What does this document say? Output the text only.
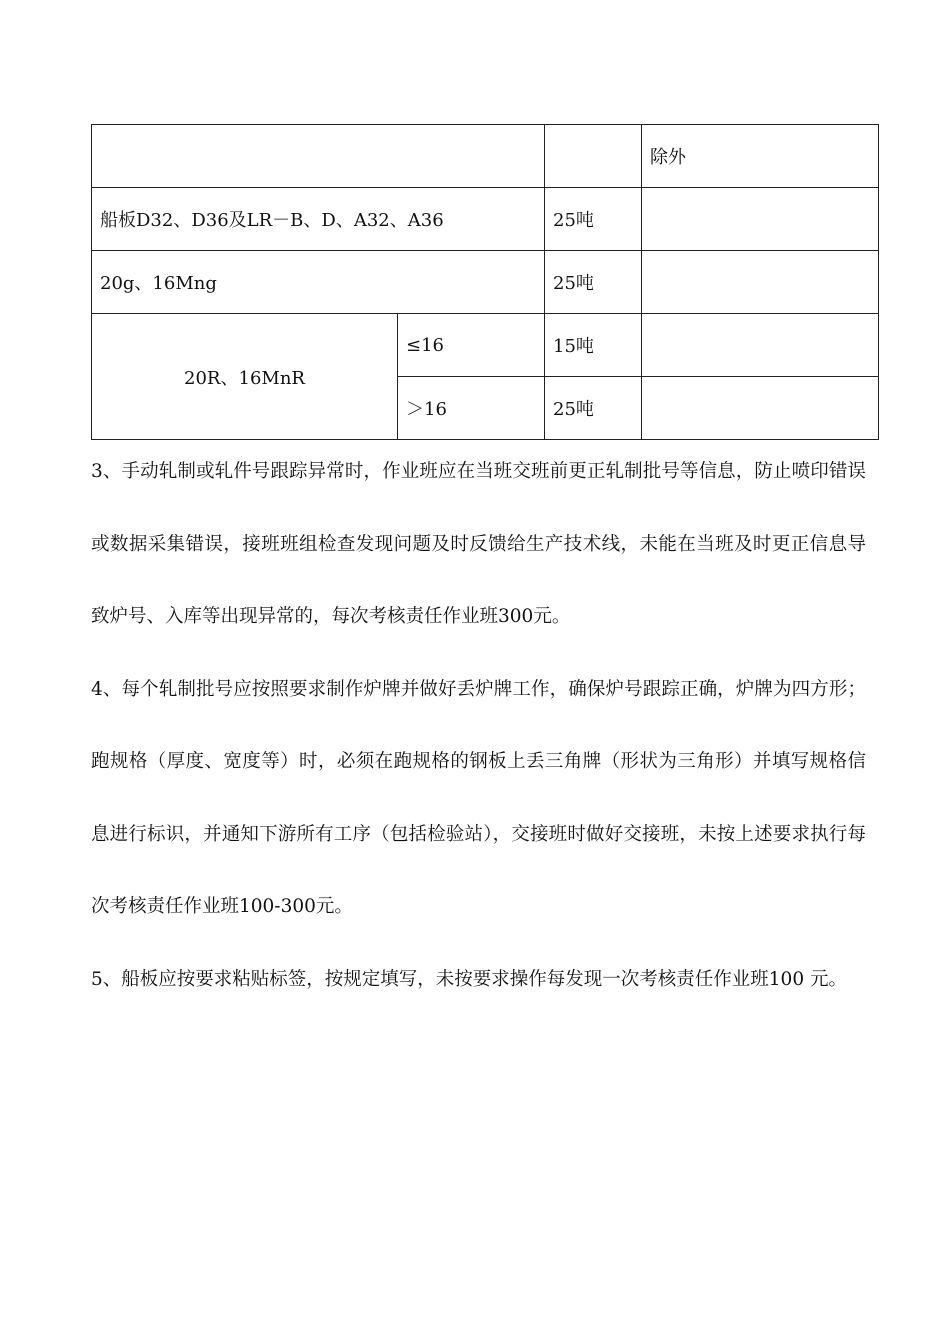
			除外
船板D32、D36及LR－B、D、A32、A36		25吨	
20g、16Mng		25吨	
20R、16MnR	≤16	15吨	
	＞16	25吨	

3、手动轧制或轧件号跟踪异常时，作业班应在当班交班前更正轧制批号等信息，防止喷印错误或数据采集错误，接班班组检查发现问题及时反馈给生产技术线，未能在当班及时更正信息导致炉号、入库等出现异常的，每次考核责任作业班300元。

4、每个轧制批号应按照要求制作炉牌并做好丢炉牌工作，确保炉号跟踪正确，炉牌为四方形；跑规格（厚度、宽度等）时，必须在跑规格的钢板上丢三角牌（形状为三角形）并填写规格信息进行标识，并通知下游所有工序（包括检验站），交接班时做好交接班，未按上述要求执行每次考核责任作业班100-300元。

5、船板应按要求粘贴标签，按规定填写，未按要求操作每发现一次考核责任作业班100 元。
